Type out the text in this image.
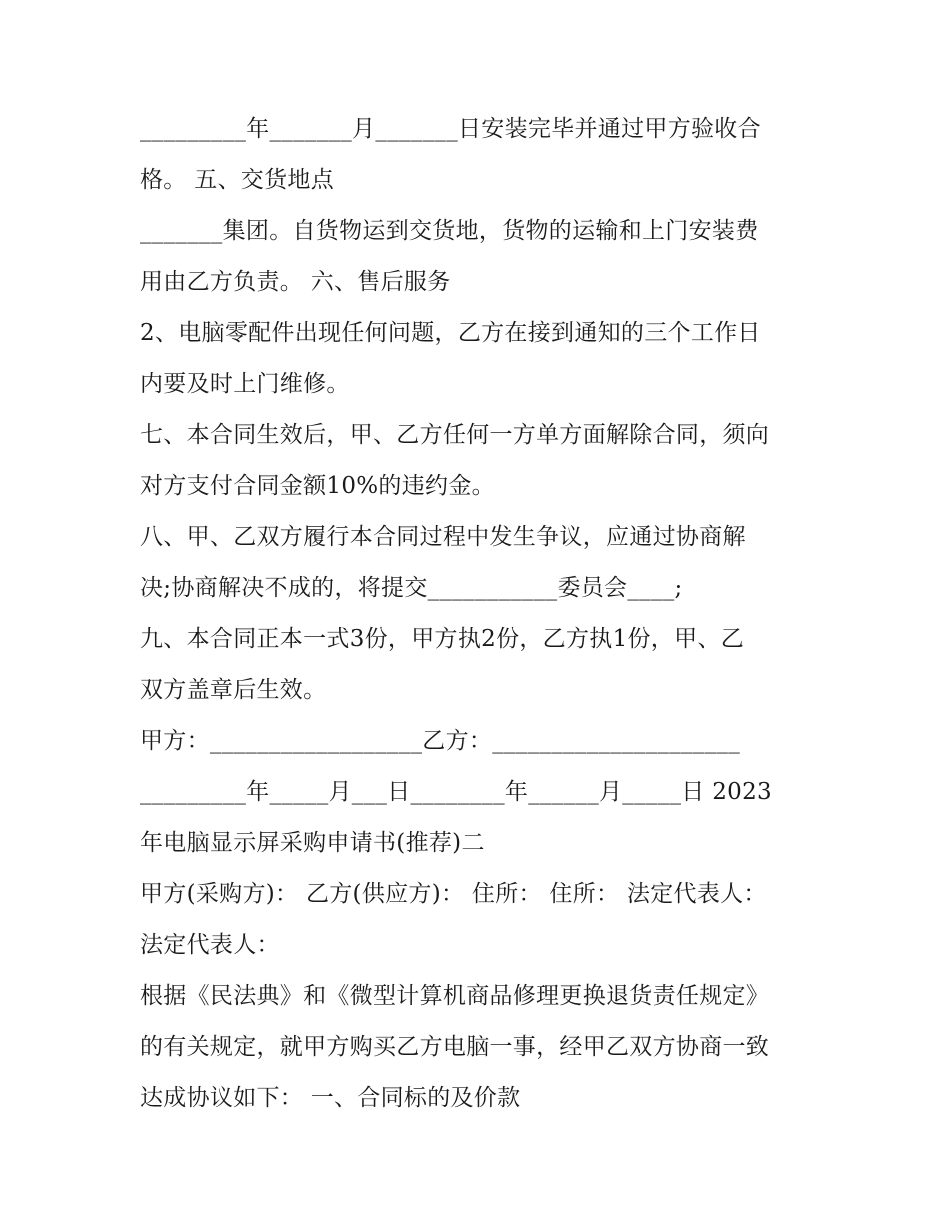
_________年_______月_______日安装完毕并通过甲方验收合
格。 五、交货地点
_______集团。自货物运到交货地，货物的运输和上门安装费
用由乙方负责。 六、售后服务
2、电脑零配件出现任何问题，乙方在接到通知的三个工作日
内要及时上门维修。
七、本合同生效后，甲、乙方任何一方单方面解除合同，须向
对方支付合同金额10%的违约金。
八、甲、乙双方履行本合同过程中发生争议，应通过协商解
决;协商解决不成的，将提交___________委员会____;
九、本合同正本一式3份，甲方执2份，乙方执1份，甲、乙
双方盖章后生效。
甲方：__________________乙方：_____________________
_________年_____月___日________年______月_____日 2023
年电脑显示屏采购申请书(推荐)二
甲方(采购方)： 乙方(供应方)： 住所： 住所： 法定代表人：
法定代表人：
根据《民法典》和《微型计算机商品修理更换退货责任规定》
的有关规定，就甲方购买乙方电脑一事，经甲乙双方协商一致
达成协议如下： 一、合同标的及价款
